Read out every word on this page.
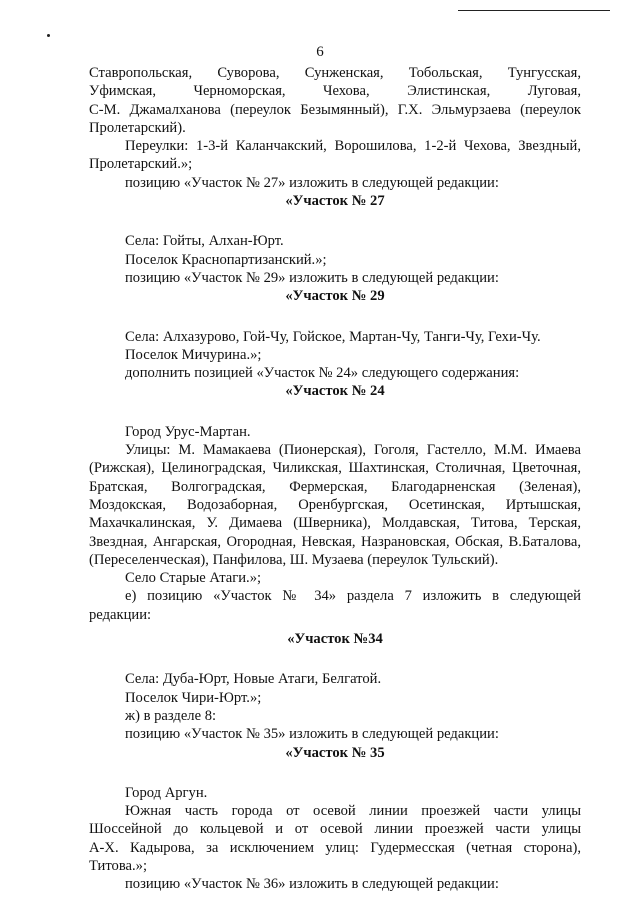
6

Ставропольская, Суворова, Сунженская, Тобольская, Тунгусская,

Уфимская, Черноморская, Чехова, Элистинская, Луговая,

С-М. Джамалханова (переулок Безымянный), Г.Х. Эльмурзаева (переулок

Пролетарский).

Переулки: 1-3-й Каланчакский, Ворошилова, 1-2-й Чехова, Звездный,

Пролетарский.»;

позицию «Участок № 27» изложить в следующей редакции:

«Участок № 27

Села: Гойты, Алхан-Юрт.

Поселок Краснопартизанский.»;

позицию «Участок № 29» изложить в следующей редакции:

«Участок № 29

Села: Алхазурово, Гой-Чу, Гойское, Мартан-Чу, Танги-Чу, Гехи-Чу.

Поселок Мичурина.»;

дополнить позицией «Участок № 24» следующего содержания:

«Участок № 24

Город Урус-Мартан.

Улицы: М. Мамакаева (Пионерская), Гоголя, Гастелло, М.М. Имаева

(Рижская), Целиноградская, Чиликская, Шахтинская, Столичная, Цветочная,

Братская, Волгоградская, Фермерская, Благодарненская (Зеленая),

Моздокская, Водозаборная, Оренбургская, Осетинская, Иртышская,

Махачкалинская, У. Димаева (Шверника), Молдавская, Титова, Терская,

Звездная, Ангарская, Огородная, Невская, Назрановская, Обская, В.Баталова,

(Переселенческая), Панфилова, Ш. Музаева (переулок Тульский).

Село Старые Атаги.»;

е) позицию «Участок № 34» раздела 7 изложить в следующей

редакции:

«Участок №34

Села: Дуба-Юрт, Новые Атаги, Белгатой.

Поселок Чири-Юрт.»;

ж) в разделе 8:

позицию «Участок № 35» изложить в следующей редакции:

«Участок № 35

Город Аргун.

Южная часть города от осевой линии проезжей части улицы

Шоссейной до кольцевой и от осевой линии проезжей части улицы

А-Х. Кадырова, за исключением улиц: Гудермесская (четная сторона),

Титова.»;

позицию «Участок № 36» изложить в следующей редакции:
